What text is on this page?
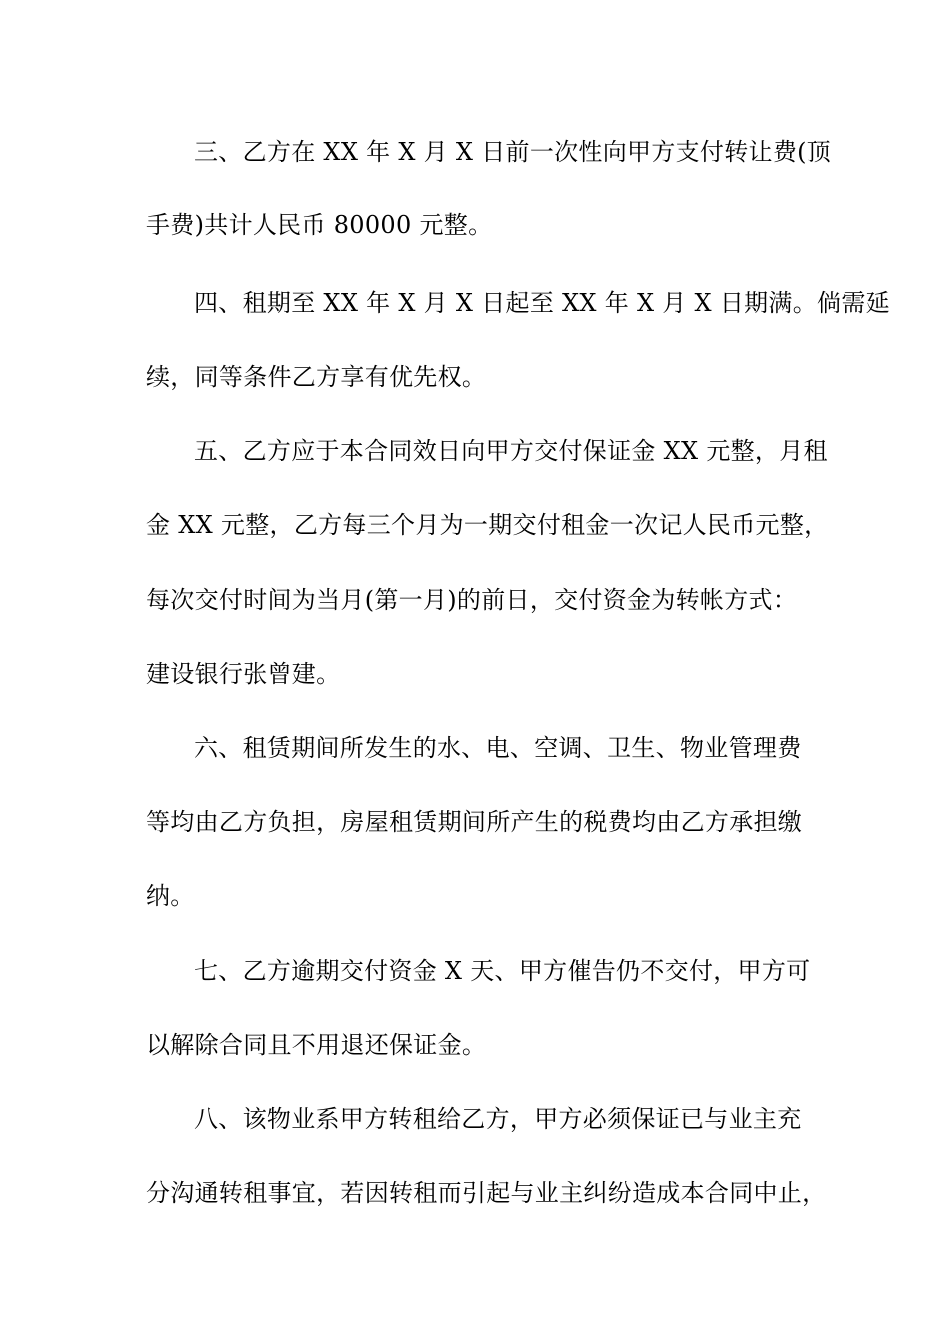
三、乙方在 XX 年 X 月 X 日前一次性向甲方支付转让费(顶

手费)共计人民币 80000 元整。

四、租期至 XX 年 X 月 X 日起至 XX 年 X 月 X 日期满。倘需延

续，同等条件乙方享有优先权。

五、乙方应于本合同效日向甲方交付保证金 XX 元整，月租

金 XX 元整，乙方每三个月为一期交付租金一次记人民币元整，

每次交付时间为当月(第一月)的前日，交付资金为转帐方式：

建设银行张曾建。

六、租赁期间所发生的水、电、空调、卫生、物业管理费

等均由乙方负担，房屋租赁期间所产生的税费均由乙方承担缴

纳。

七、乙方逾期交付资金 X 天、甲方催告仍不交付，甲方可

以解除合同且不用退还保证金。

八、该物业系甲方转租给乙方，甲方必须保证已与业主充

分沟通转租事宜，若因转租而引起与业主纠纷造成本合同中止，
